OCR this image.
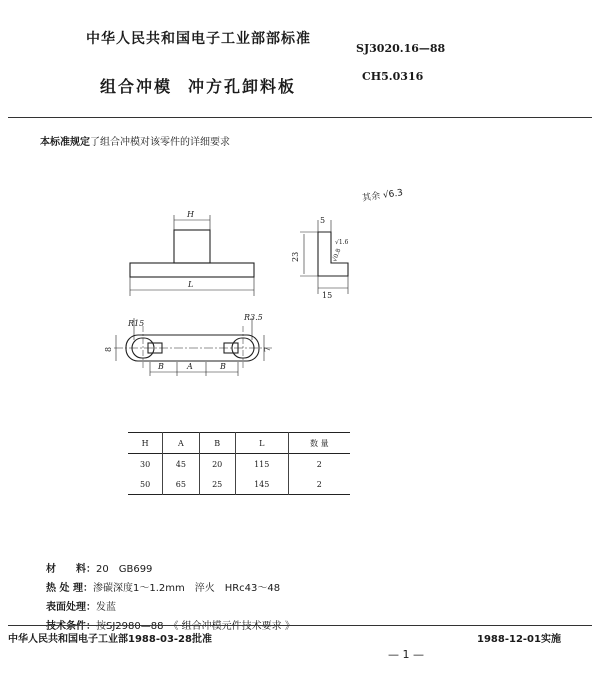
中华人民共和国电子工业部部标准
SJ3020.16—88
CH5.0316
组合冲模 冲方孔卸料板
本标准规定了组合冲模对该零件的详细要求
其余 √6.3
H
L
5
23
15
√1.6
√0.8
R15
R3.5
8	7
B	A	B
H	A	B	L	数 量
30	45	20	115	2
50	65	25	145	2
材　　料：20　GB699
热 处 理：渗碳深度1～1.2mm　淬火　HRc43～48
表面处理：发蓝
技术条件：按SJ2980—88　《 组合冲模元件技术要求 》
中华人民共和国电子工业部1988-03-28批准	1988-12-01实施
— 1 —
